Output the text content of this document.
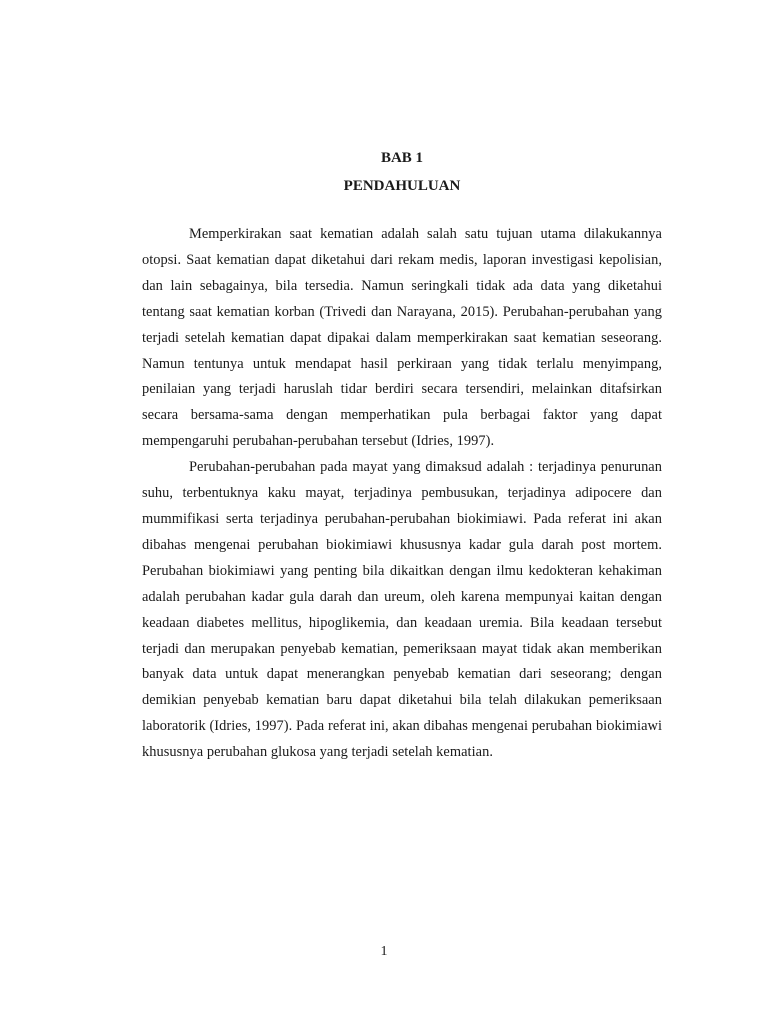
BAB 1
PENDAHULUAN

Memperkirakan saat kematian adalah salah satu tujuan utama dilakukannya otopsi. Saat kematian dapat diketahui dari rekam medis, laporan investigasi kepolisian, dan lain sebagainya, bila tersedia. Namun seringkali tidak ada data yang diketahui tentang saat kematian korban (Trivedi dan Narayana, 2015). Perubahan-perubahan yang terjadi setelah kematian dapat dipakai dalam memperkirakan saat kematian seseorang. Namun tentunya untuk mendapat hasil perkiraan yang tidak terlalu menyimpang, penilaian yang terjadi haruslah tidar berdiri secara tersendiri, melainkan ditafsirkan secara bersama-sama dengan memperhatikan pula berbagai faktor yang dapat mempengaruhi perubahan-perubahan tersebut (Idries, 1997).

Perubahan-perubahan pada mayat yang dimaksud adalah : terjadinya penurunan suhu, terbentuknya kaku mayat, terjadinya pembusukan, terjadinya adipocere dan mummifikasi serta terjadinya perubahan-perubahan biokimiawi. Pada referat ini akan dibahas mengenai perubahan biokimiawi khususnya kadar gula darah post mortem. Perubahan biokimiawi yang penting bila dikaitkan dengan ilmu kedokteran kehakiman adalah perubahan kadar gula darah dan ureum, oleh karena mempunyai kaitan dengan keadaan diabetes mellitus, hipoglikemia, dan keadaan uremia. Bila keadaan tersebut terjadi dan merupakan penyebab kematian, pemeriksaan mayat tidak akan memberikan banyak data untuk dapat menerangkan penyebab kematian dari seseorang; dengan demikian penyebab kematian baru dapat diketahui bila telah dilakukan pemeriksaan laboratorik (Idries, 1997). Pada referat ini, akan dibahas mengenai perubahan biokimiawi khususnya perubahan glukosa yang terjadi setelah kematian.

1
